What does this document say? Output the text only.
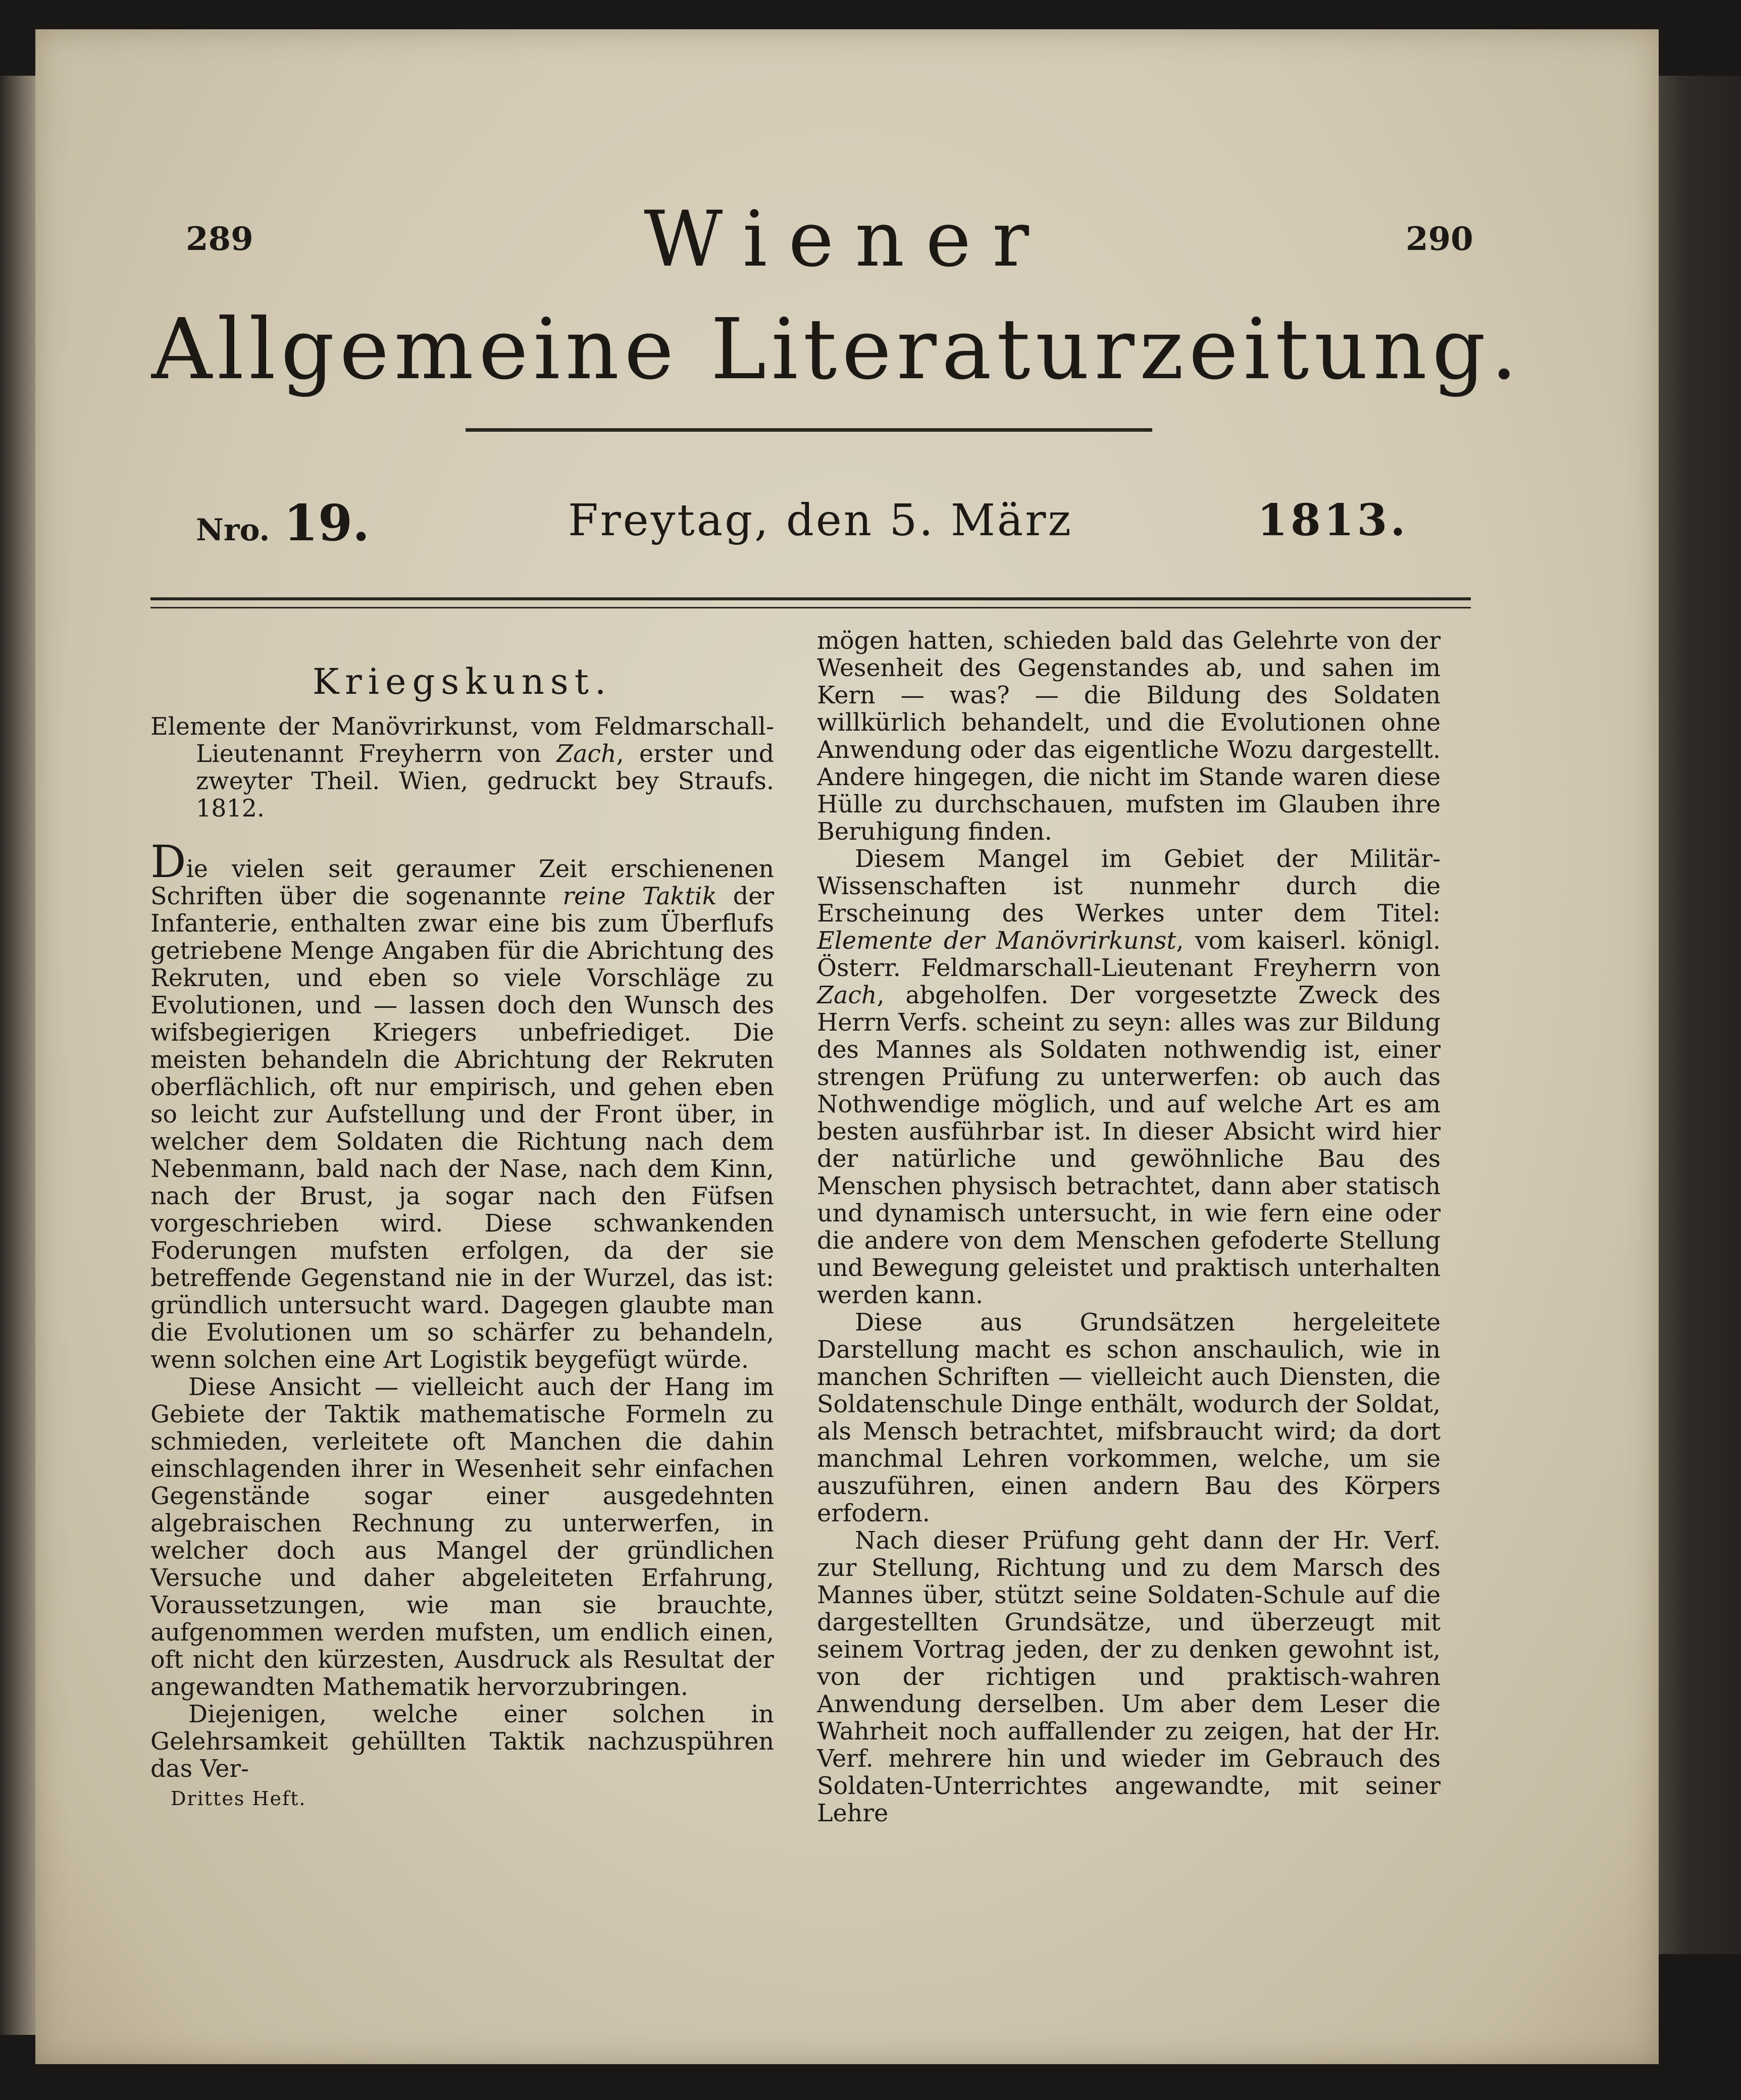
289	290
Wiener
Allgemeine Literaturzeitung.
Nro. 19.	Freytag, den 5. März	1813.
Kriegskunst.
Elemente der Manövrirkunst, vom Feldmarschall-Lieutenannt Freyherrn von Zach, erster und zweyter Theil. Wien, gedruckt bey Straufs. 1812.

Die vielen seit geraumer Zeit erschienenen Schriften über die sogenannte reine Taktik der Infanterie, enthalten zwar eine bis zum Überflufs getriebene Menge Angaben für die Abrichtung des Rekruten, und eben so viele Vorschläge zu Evolutionen, und — lassen doch den Wunsch des wifsbegierigen Kriegers unbefriediget. Die meisten behandeln die Abrichtung der Rekruten oberflächlich, oft nur empirisch, und gehen eben so leicht zur Aufstellung und der Front über, in welcher dem Soldaten die Richtung nach dem Nebenmann, bald nach der Nase, nach dem Kinn, nach der Brust, ja sogar nach den Füfsen vorgeschrieben wird. Diese schwankenden Foderungen mufsten erfolgen, da der sie betreffende Gegenstand nie in der Wurzel, das ist: gründlich untersucht ward. Dagegen glaubte man die Evolutionen um so schärfer zu behandeln, wenn solchen eine Art Logistik beygefügt würde.

Diese Ansicht — vielleicht auch der Hang im Gebiete der Taktik mathematische Formeln zu schmieden, verleitete oft Manchen die dahin einschlagenden ihrer in Wesenheit sehr einfachen Gegenstände sogar einer ausgedehnten algebraischen Rechnung zu unterwerfen, in welcher doch aus Mangel der gründlichen Versuche und daher abgeleiteten Erfahrung, Voraussetzungen, wie man sie brauchte, aufgenommen werden mufsten, um endlich einen, oft nicht den kürzesten, Ausdruck als Resultat der angewandten Mathematik hervorzubringen.

Diejenigen, welche einer solchen in Gelehrsamkeit gehüllten Taktik nachzuspühren das Ver-

Drittes Heft.

mögen hatten, schieden bald das Gelehrte von der Wesenheit des Gegenstandes ab, und sahen im Kern — was? — die Bildung des Soldaten willkürlich behandelt, und die Evolutionen ohne Anwendung oder das eigentliche Wozu dargestellt. Andere hingegen, die nicht im Stande waren diese Hülle zu durchschauen, mufsten im Glauben ihre Beruhigung finden.

Diesem Mangel im Gebiet der Militär-Wissenschaften ist nunmehr durch die Erscheinung des Werkes unter dem Titel: Elemente der Manövrirkunst, vom kaiserl. königl. Österr. Feldmarschall-Lieutenant Freyherrn von Zach, abgeholfen. Der vorgesetzte Zweck des Herrn Verfs. scheint zu seyn: alles was zur Bildung des Mannes als Soldaten nothwendig ist, einer strengen Prüfung zu unterwerfen: ob auch das Nothwendige möglich, und auf welche Art es am besten ausführbar ist. In dieser Absicht wird hier der natürliche und gewöhnliche Bau des Menschen physisch betrachtet, dann aber statisch und dynamisch untersucht, in wie fern eine oder die andere von dem Menschen gefoderte Stellung und Bewegung geleistet und praktisch unterhalten werden kann.

Diese aus Grundsätzen hergeleitete Darstellung macht es schon anschaulich, wie in manchen Schriften — vielleicht auch Diensten, die Soldatenschule Dinge enthält, wodurch der Soldat, als Mensch betrachtet, mifsbraucht wird; da dort manchmal Lehren vorkommen, welche, um sie auszuführen, einen andern Bau des Körpers erfodern.

Nach dieser Prüfung geht dann der Hr. Verf. zur Stellung, Richtung und zu dem Marsch des Mannes über, stützt seine Soldaten-Schule auf die dargestellten Grundsätze, und überzeugt mit seinem Vortrag jeden, der zu denken gewohnt ist, von der richtigen und praktisch-wahren Anwendung derselben. Um aber dem Leser die Wahrheit noch auffallender zu zeigen, hat der Hr. Verf. mehrere hin und wieder im Gebrauch des Soldaten-Unterrichtes angewandte, mit seiner Lehre
